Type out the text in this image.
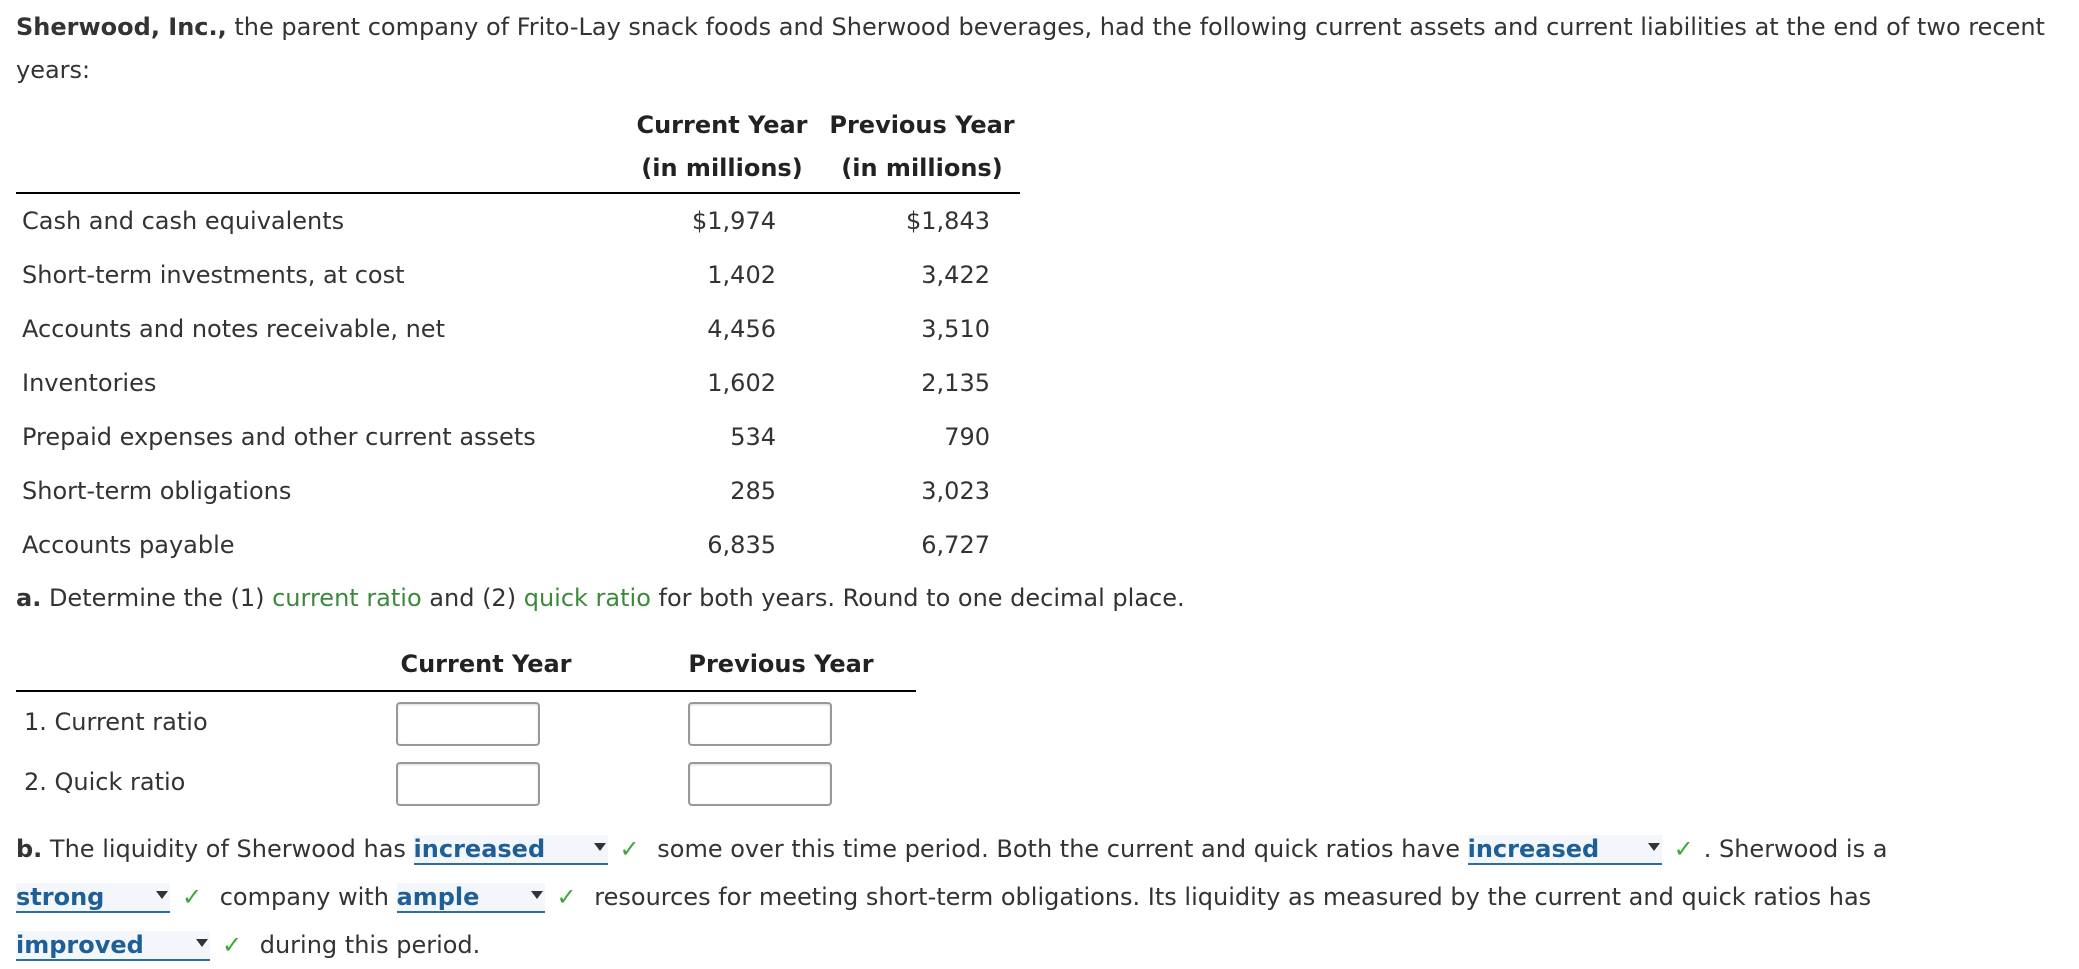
Sherwood, Inc., the parent company of Frito-Lay snack foods and Sherwood beverages, had the following current assets and current liabilities at the end of two recent years:
Current Year
(in millions)
Previous Year
(in millions)
Cash and cash equivalents	$1,974	$1,843
Short-term investments, at cost	1,402	3,422
Accounts and notes receivable, net	4,456	3,510
Inventories	1,602	2,135
Prepaid expenses and other current assets	534	790
Short-term obligations	285	3,023
Accounts payable	6,835	6,727
a. Determine the (1) current ratio and (2) quick ratio for both years. Round to one decimal place.
Current Year	Previous Year
1. Current ratio
2. Quick ratio
b. The liquidity of Sherwood has increased	✓ some over this time period. Both the current and quick ratios have increased	✓ . Sherwood is a
strong	✓ company with ample	✓ resources for meeting short-term obligations. Its liquidity as measured by the current and quick ratios has
improved	✓ during this period.
